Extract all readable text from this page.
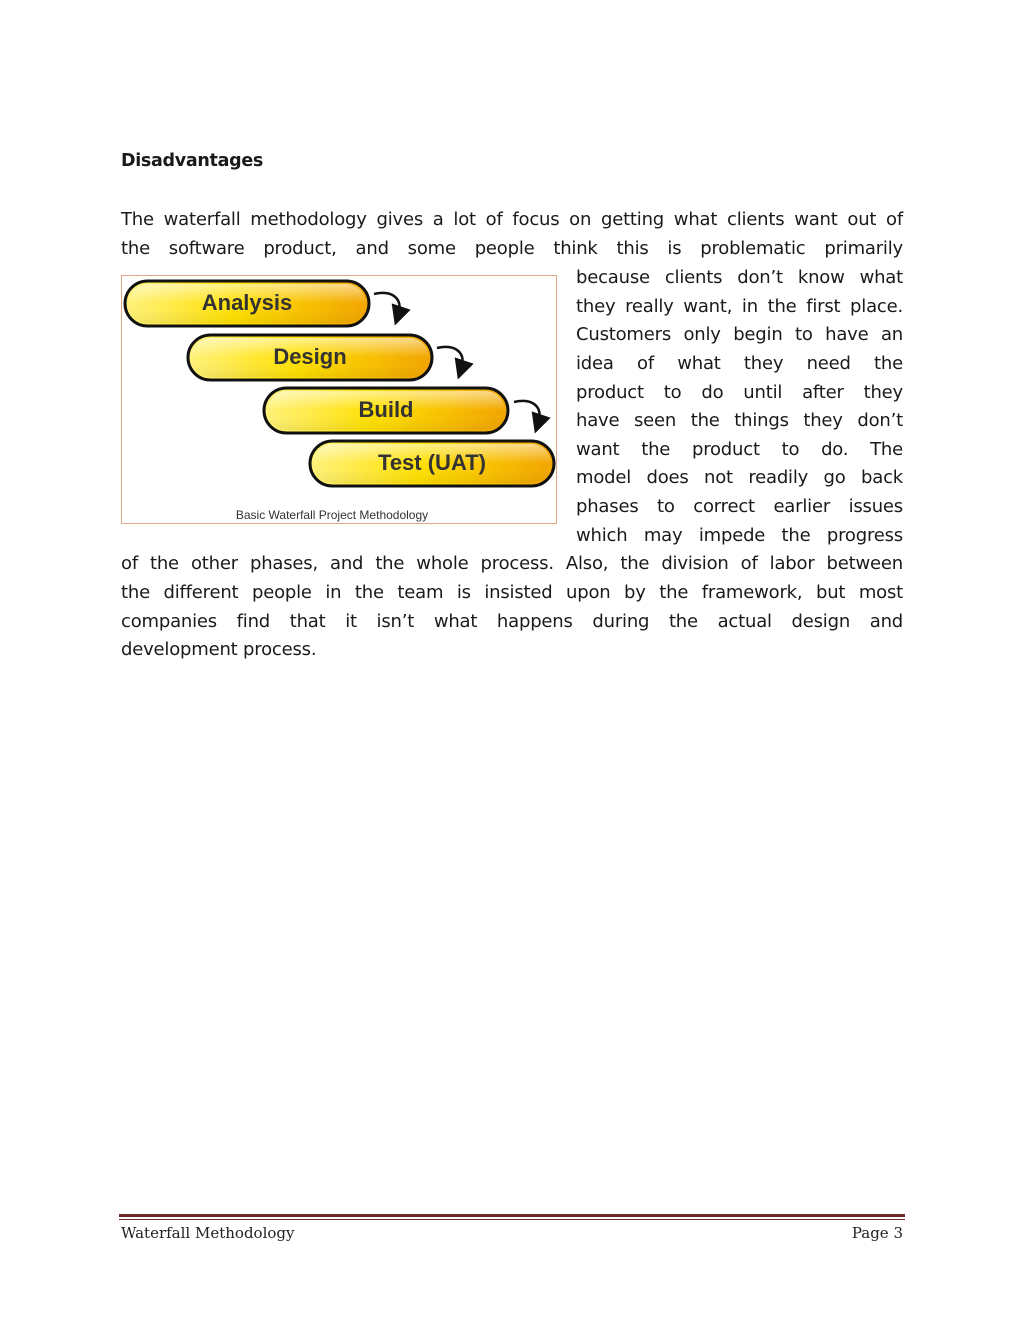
Disadvantages
The waterfall methodology gives a lot of focus on getting what clients want out of
the software product, and some people think this is problematic primarily
because clients don’t know what
they really want, in the first place.
Customers only begin to have an
idea of what they need the
product to do until after they
have seen the things they don’t
want the product to do. The
model does not readily go back
phases to correct earlier issues
which may impede the progress
of the other phases, and the whole process. Also, the division of labor between
the different people in the team is insisted upon by the framework, but most
companies find that it isn’t what happens during the actual design and
development process.
Analysis
Design
Build
Test (UAT)
Basic Waterfall Project Methodology
Waterfall Methodology	Page 3
